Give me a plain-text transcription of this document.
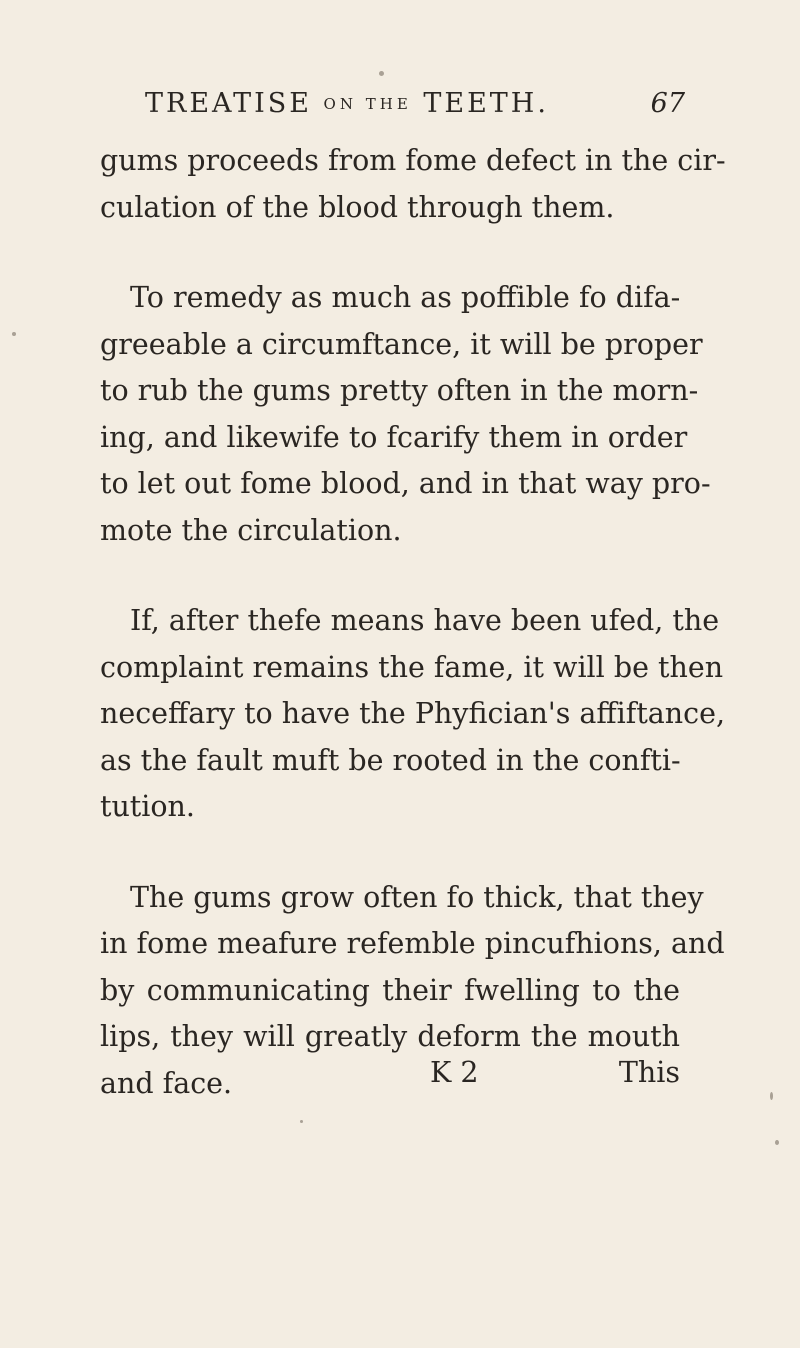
TREATISE ON THE TEETH.	67
gums proceeds from fome defect in the cir-
culation of the blood through them.
To remedy as much as poffible fo difa-
greeable a circumftance, it will be proper
to rub the gums pretty often in the morn-
ing, and likewife to fcarify them in order
to let out fome blood, and in that way pro-
mote the circulation.
If, after thefe means have been ufed, the
complaint remains the fame, it will be then
neceffary to have the Phyfician's affiftance,
as the fault muft be rooted in the confti-
tution.
The gums grow often fo thick, that they
in fome meafure refemble pincufhions, and
by communicating their fwelling to the
lips, they will greatly deform the mouth
and face.	K 2	This
